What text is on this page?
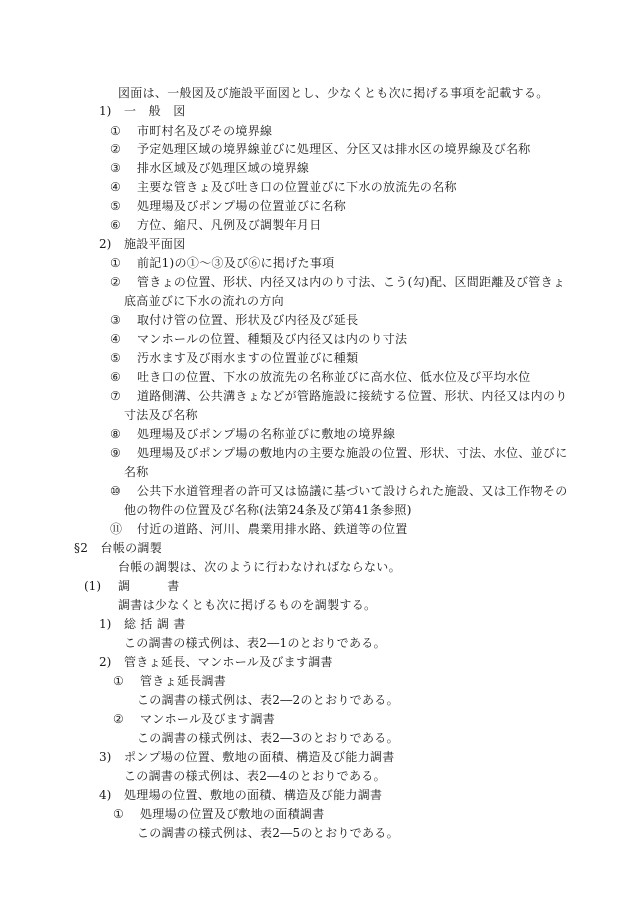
図面は、一般図及び施設平面図とし、少なくとも次に掲げる事項を記載する。
1) 一　般　図
① 市町村名及びその境界線
② 予定処理区域の境界線並びに処理区、分区又は排水区の境界線及び名称
③ 排水区域及び処理区域の境界線
④ 主要な管きょ及び吐き口の位置並びに下水の放流先の名称
⑤ 処理場及びポンプ場の位置並びに名称
⑥ 方位、縮尺、凡例及び調製年月日
2) 施設平面図
① 前記1)の①～③及び⑥に掲げた事項
② 管きょの位置、形状、内径又は内のり寸法、こう(勾)配、区間距離及び管きょ
底高並びに下水の流れの方向
③ 取付け管の位置、形状及び内径及び延長
④ マンホールの位置、種類及び内径又は内のり寸法
⑤ 汚水ます及び雨水ますの位置並びに種類
⑥ 吐き口の位置、下水の放流先の名称並びに高水位、低水位及び平均水位
⑦ 道路側溝、公共溝きょなどが管路施設に接続する位置、形状、内径又は内のり
寸法及び名称
⑧ 処理場及びポンプ場の名称並びに敷地の境界線
⑨ 処理場及びポンプ場の敷地内の主要な施設の位置、形状、寸法、水位、並びに
名称
⑩ 公共下水道管理者の許可又は協議に基づいて設けられた施設、又は工作物その
他の物件の位置及び名称(法第24条及び第41条参照)
⑪ 付近の道路、河川、農業用排水路、鉄道等の位置
§2　台帳の調製
台帳の調製は、次のように行わなければならない。
(1) 調　　　書
調書は少なくとも次に掲げるものを調製する。
1) 総 括 調 書
この調書の様式例は、表2―1のとおりである。
2) 管きょ延長、マンホール及びます調書
① 管きょ延長調書
この調書の様式例は、表2―2のとおりである。
② マンホール及びます調書
この調書の様式例は、表2―3のとおりである。
3) ポンプ場の位置、敷地の面積、構造及び能力調書
この調書の様式例は、表2―4のとおりである。
4) 処理場の位置、敷地の面積、構造及び能力調書
① 処理場の位置及び敷地の面積調書
この調書の様式例は、表2―5のとおりである。
